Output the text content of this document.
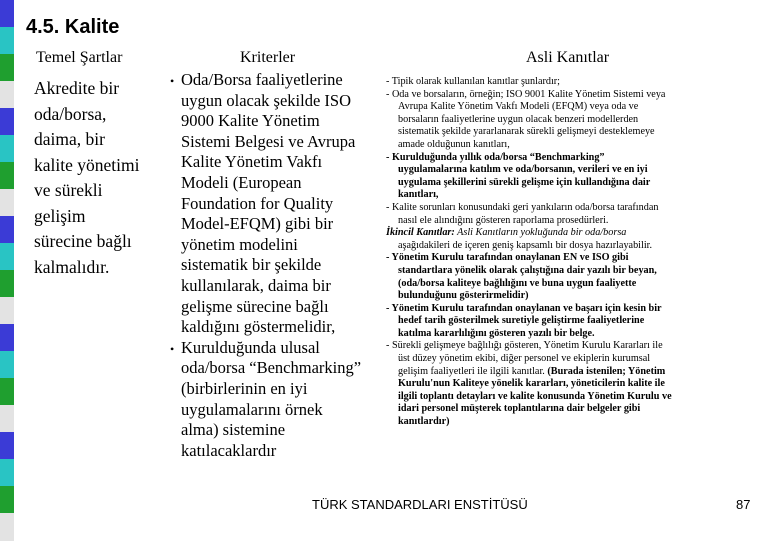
4.5. Kalite
Temel Şartlar	Kriterler	Asli Kanıtlar
Akredite bir
oda/borsa,
daima, bir
kalite yönetimi
ve sürekli
gelişim
sürecine bağlı
kalmalıdır.
• Oda/Borsa faaliyetlerine
uygun olacak şekilde ISO
9000 Kalite Yönetim
Sistemi Belgesi ve Avrupa
Kalite Yönetim Vakfı
Modeli (European
Foundation for Quality
Model-EFQM) gibi bir
yönetim modelini
sistematik bir şekilde
kullanılarak, daima bir
gelişme sürecine bağlı
kaldığını göstermelidir,
• Kurulduğunda ulusal
oda/borsa “Benchmarking”
(birbirlerinin en iyi
uygulamalarını örnek
alma) sistemine
katılacaklardır
- Tipik olarak kullanılan kanıtlar şunlardır;
- Oda ve borsaların, örneğin; ISO 9001 Kalite Yönetim Sistemi veya
Avrupa Kalite Yönetim Vakfı Modeli (EFQM) veya oda ve
borsaların faaliyetlerine uygun olacak benzeri modellerden
sistematik şekilde yararlanarak sürekli gelişmeyi desteklemeye
amade olduğunun kanıtları,
- Kurulduğunda yıllık oda/borsa “Benchmarking”
uygulamalarına katılım ve oda/borsanın, verileri ve en iyi
uygulama şekillerini sürekli gelişme için kullandığına dair
kanıtları,
- Kalite sorunları konusundaki geri yankıların oda/borsa tarafından
nasıl ele alındığını gösteren raporlama prosedürleri.
İkincil Kanıtlar: Asli Kanıtların yokluğunda bir oda/borsa
aşağıdakileri de içeren geniş kapsamlı bir dosya hazırlayabilir.
- Yönetim Kurulu tarafından onaylanan EN ve ISO gibi
standartlara yönelik olarak çalıştığına dair yazılı bir beyan,
(oda/borsa kaliteye bağlılığını ve buna uygun faaliyette
bulunduğunu gösterirmelidir)
- Yönetim Kurulu tarafından onaylanan ve başarı için kesin bir
hedef tarih gösterilmek suretiyle geliştirme faaliyetlerine
katılma kararlılığını gösteren yazılı bir belge.
- Sürekli gelişmeye bağlılığı gösteren, Yönetim Kurulu Kararları ile
üst düzey yönetim ekibi, diğer personel ve ekiplerin kurumsal
gelişim faaliyetleri ile ilgili kanıtlar. (Burada istenilen; Yönetim
Kurulu'nun Kaliteye yönelik kararları, yöneticilerin kalite ile
ilgili toplantı detayları ve kalite konusunda Yönetim Kurulu ve
idari personel müşterek toplantılarına dair belgeler gibi
kanıtlardır)
TÜRK STANDARDLARI ENSTİTÜSÜ	87
